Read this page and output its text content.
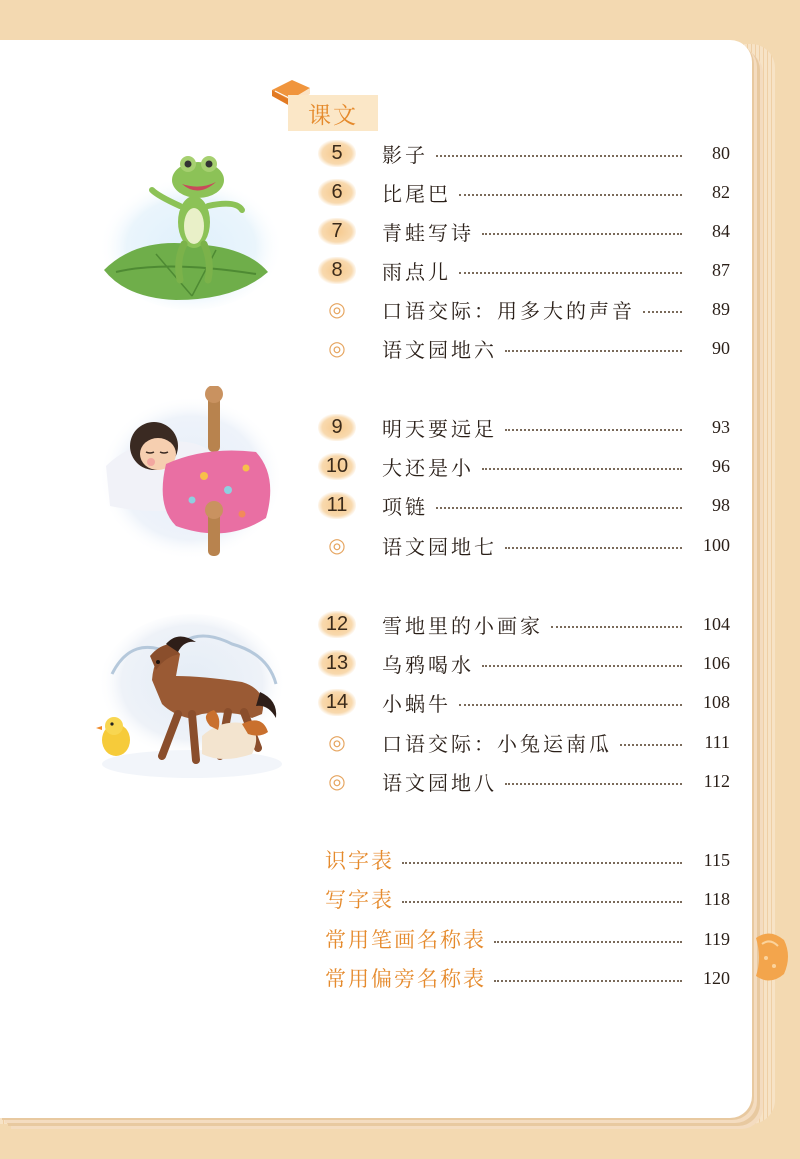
课文
5	影子	80
6	比尾巴	82
7	青蛙写诗	84
8	雨点儿	87
◎	口语交际：用多大的声音	89
◎	语文园地六	90
9	明天要远足	93
10	大还是小	96
11	项链	98
◎	语文园地七	100
12	雪地里的小画家	104
13	乌鸦喝水	106
14	小蜗牛	108
◎	口语交际：小兔运南瓜	111
◎	语文园地八	112
识字表	115
写字表	118
常用笔画名称表	119
常用偏旁名称表	120
